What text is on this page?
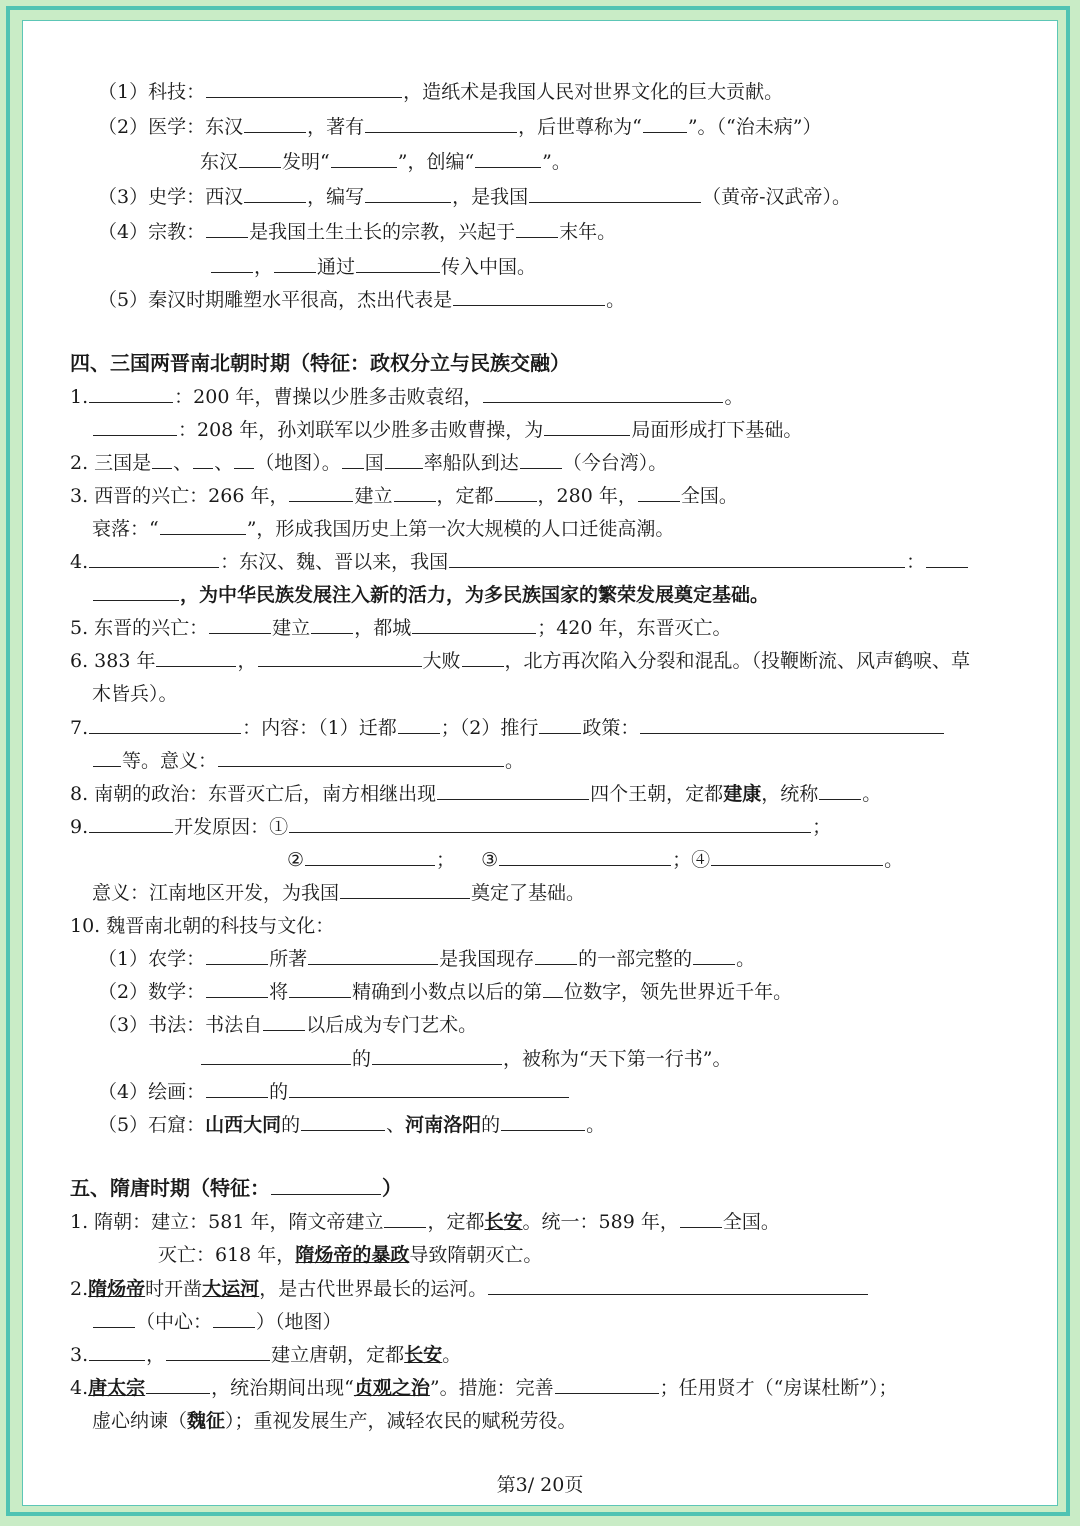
（1）科技：	，造纸术是我国人民对世界文化的巨大贡献。
（2）医学：东汉	，著有	，后世尊称为“ ”。（“治未病”）
东汉 发明“	”，创编“	”。
（3）史学：西汉	，编写	，是我国	（黄帝-汉武帝）。
（4）宗教： 是我国土生土长的宗教，兴起于 末年。
， 通过	传入中国。
（5）秦汉时期雕塑水平很高，杰出代表是	。
四、三国两晋南北朝时期（特征：政权分立与民族交融）
1.	：200 年，曹操以少胜多击败袁绍，	。
：208 年，孙刘联军以少胜多击败曹操，为	局面形成打下基础。
2. 三国是 、 、 （地图）。 国 率船队到达 （今台湾）。
3. 西晋的兴亡：266 年，	建立 ，定都 ，280 年， 全国。
衰落：“	”，形成我国历史上第一次大规模的人口迁徙高潮。
4.	：东汉、魏、晋以来，我国	：
，为中华民族发展注入新的活力，为多民族国家的繁荣发展奠定基础。
5. 东晋的兴亡：	建立 ，都城	；420 年，东晋灭亡。
6. 383 年	，	大败 ，北方再次陷入分裂和混乱。（投鞭断流、风声鹤唳、草
木皆兵）。
7.	：内容：（1）迁都 ；（2）推行 政策：
等。意义：	。
8. 南朝的政治：东晋灭亡后，南方相继出现	四个王朝，定都建康，统称 。
9.	开发原因：①	；
②	； ③	；④	。
意义：江南地区开发，为我国	奠定了基础。
10. 魏晋南北朝的科技与文化：
（1）农学：	所著	是我国现存 的一部完整的 。
（2）数学：	将	精确到小数点以后的第 位数字，领先世界近千年。
（3）书法：书法自 以后成为专门艺术。
的	，被称为“天下第一行书”。
（4）绘画：	的
（5）石窟：山西大同的	、河南洛阳的	。
五、隋唐时期（特征：	）
1. 隋朝：建立：581 年，隋文帝建立 ，定都长安。统一：589 年， 全国。
灭亡：618 年，隋炀帝的暴政导致隋朝灭亡。
2.隋炀帝时开凿大运河，是古代世界最长的运河。
（中心： ）（地图）
3.	，	建立唐朝，定都长安。
4.唐太宗	，统治期间出现“贞观之治”。措施：完善	；任用贤才（“房谋杜断”）；
虚心纳谏（魏征）；重视发展生产，减轻农民的赋税劳役。
第3/ 20页
